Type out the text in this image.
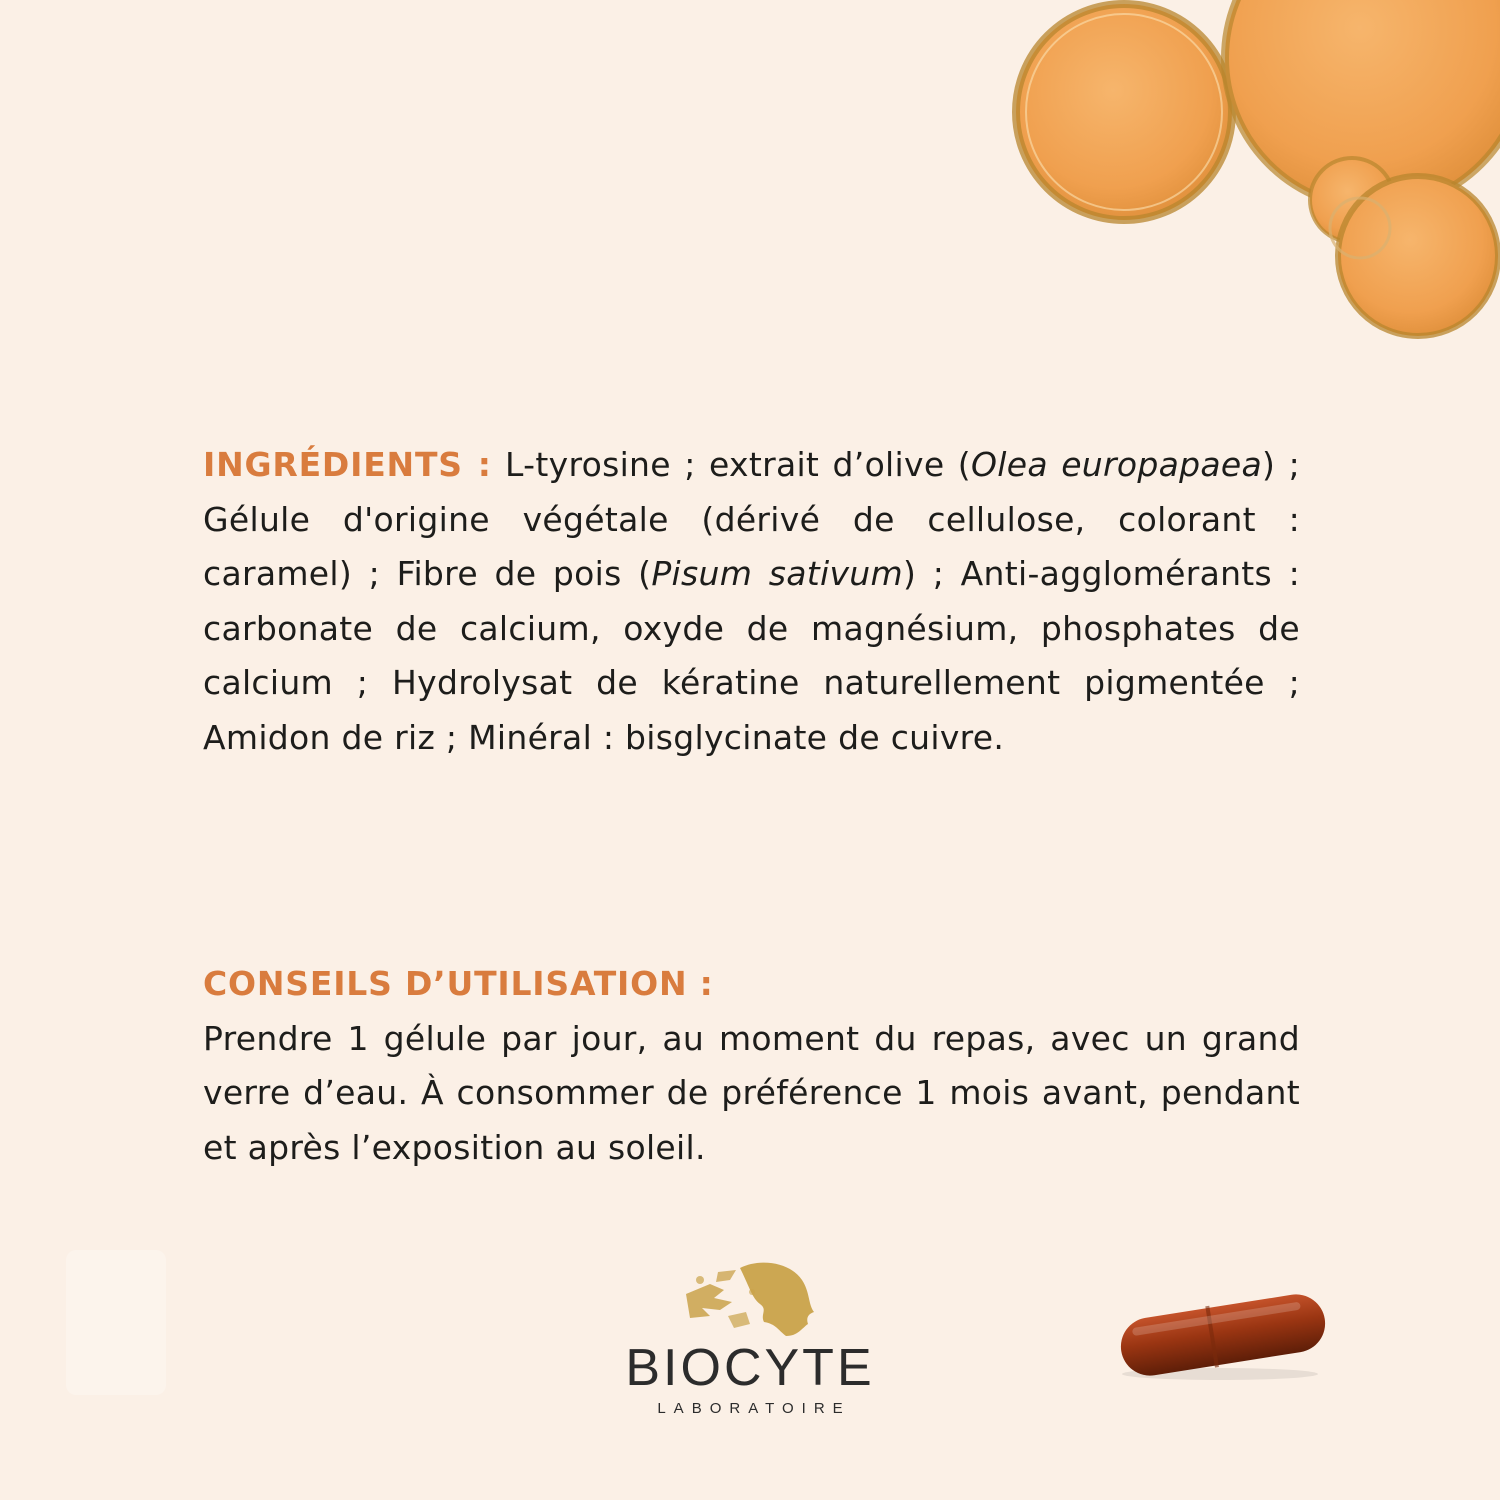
INGRÉDIENTS : L-tyrosine ; extrait d’olive (Olea europapaea) ; Gélule d'origine végétale (dérivé de cellulose, colorant : caramel) ; Fibre de pois (Pisum sativum) ; Anti-agglomérants : carbonate de calcium, oxyde de magnésium, phosphates de calcium ; Hydrolysat de kératine naturellement pigmentée ; Amidon de riz ; Minéral : bisglycinate de cuivre.

CONSEILS D’UTILISATION :

Prendre 1 gélule par jour, au moment du repas, avec un grand verre d’eau. À consommer de préférence 1 mois avant, pendant et après l’exposition au soleil.

BIOCYTE
LABORATOIRE
